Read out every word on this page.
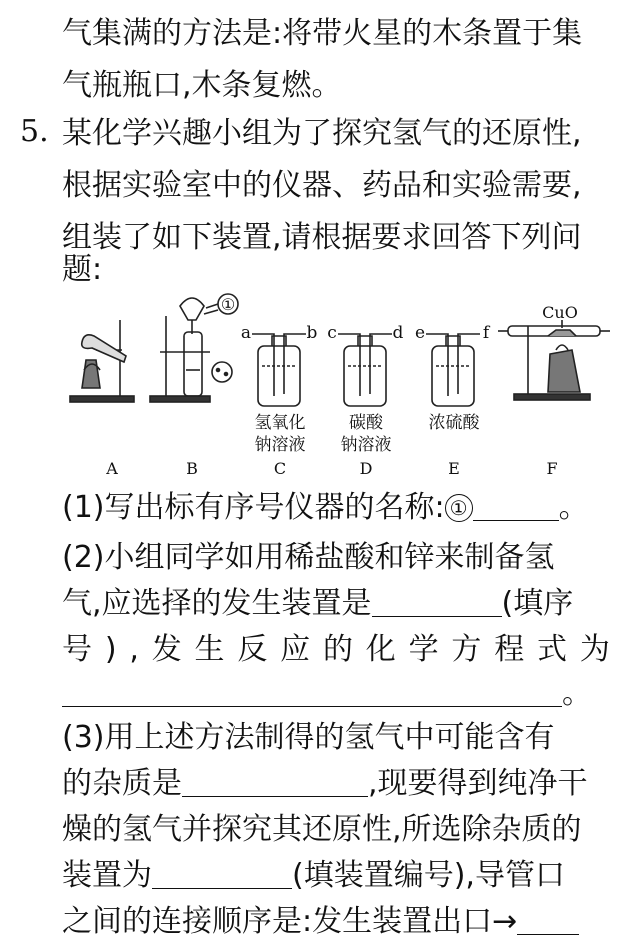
气集满的方法是:将带火星的木条置于集
气瓶瓶口,木条复燃。
5. 某化学兴趣小组为了探究氢气的还原性,
根据实验室中的仪器、药品和实验需要,
组装了如下装置,请根据要求回答下列问
题:
①
a	b c	d e	f
CuO
氢氧化
钠溶液
碳酸
钠溶液
浓硫酸
A	B	C	D	E	F
(1)写出标有序号仪器的名称: ①	。
(2)小组同学如用稀盐酸和锌来制备氢
气,应选择的发生装置是	(填序
号 ) , 发 生 反 应 的 化 学 方 程 式 为
。
(3)用上述方法制得的氢气中可能含有
的杂质是	,现要得到纯净干
燥的氢气并探究其还原性,所选除杂质的
装置为	(填装置编号),导管口
之间的连接顺序是:发生装置出口→
